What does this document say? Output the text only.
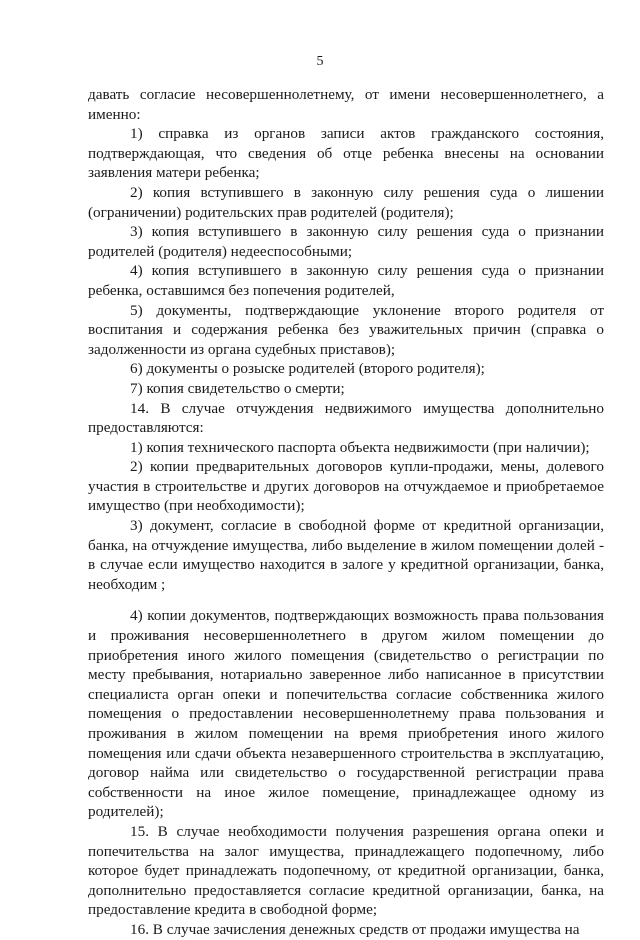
5

давать согласие несовершеннолетнему, от имени несовершеннолетнего, а именно:

1) справка из органов записи актов гражданского состояния, подтверждающая, что сведения об отце ребенка внесены на основании заявления матери ребенка;

2) копия вступившего в законную силу решения суда о лишении (ограничении) родительских прав родителей (родителя);

3) копия вступившего в законную силу решения суда о признании родителей (родителя) недееспособными;

4) копия вступившего в законную силу решения суда о признании ребенка, оставшимся без попечения родителей,

5) документы, подтверждающие уклонение второго родителя от воспитания и содержания ребенка без уважительных причин (справка о задолженности из органа судебных приставов);

6) документы о розыске родителей (второго родителя);

7) копия свидетельство о смерти;

14. В случае отчуждения недвижимого имущества дополнительно предоставляются:

1) копия технического паспорта объекта недвижимости (при наличии);

2) копии предварительных договоров купли-продажи, мены, долевого участия в строительстве и других договоров на отчуждаемое и приобретаемое имущество (при необходимости);

3) документ, согласие в свободной форме от кредитной организации, банка, на отчуждение имущества, либо выделение в жилом помещении долей - в случае если имущество находится в залоге у кредитной организации, банка, необходим ;

4) копии документов, подтверждающих возможность права пользования и проживания несовершеннолетнего в другом жилом помещении до приобретения иного жилого помещения (свидетельство о регистрации по месту пребывания, нотариально заверенное либо написанное в присутствии специалиста орган опеки и попечительства согласие собственника жилого помещения о предоставлении несовершеннолетнему права пользования и проживания в жилом помещении на время приобретения иного жилого помещения или сдачи объекта незавершенного строительства в эксплуатацию, договор найма или свидетельство о государственной регистрации права собственности на иное жилое помещение, принадлежащее одному из родителей);

15. В случае необходимости получения разрешения органа опеки и попечительства на залог имущества, принадлежащего подопечному, либо которое будет принадлежать подопечному, от кредитной организации, банка, дополнительно предоставляется согласие кредитной организации, банка, на предоставление кредита в свободной форме;

16. В случае зачисления денежных средств от продажи имущества на
